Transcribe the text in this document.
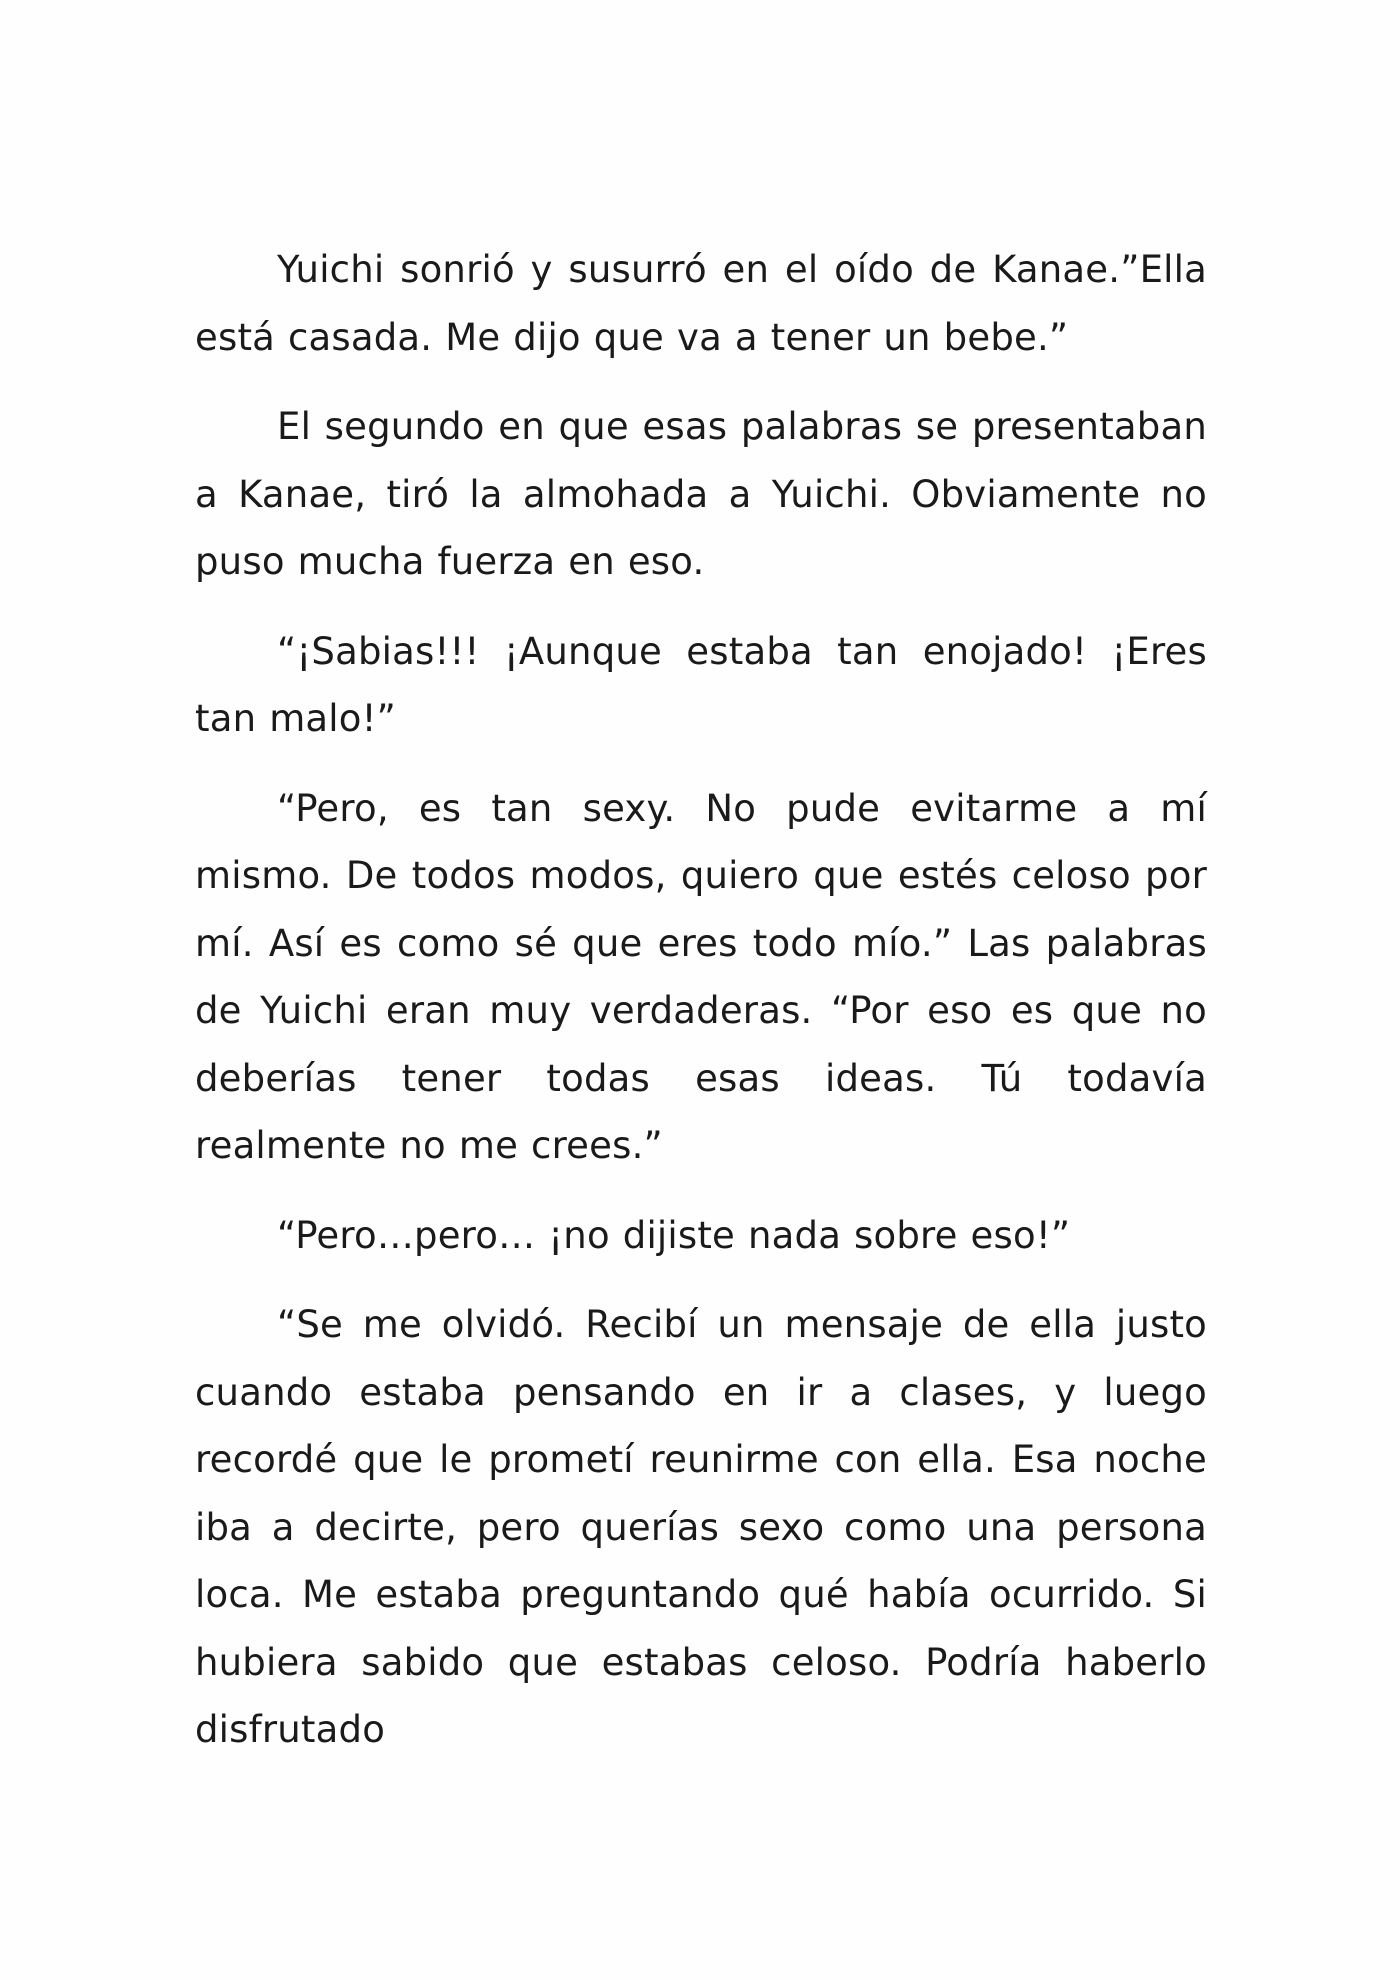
Yuichi sonrió y susurró en el oído de Kanae.”Ella está casada. Me dijo que va a tener un bebe.”

El segundo en que esas palabras se presentaban a Kanae, tiró la almohada a Yuichi. Obviamente no puso mucha fuerza en eso.

“¡Sabias!!! ¡Aunque estaba tan enojado! ¡Eres tan malo!”

“Pero, es tan sexy. No pude evitarme a mí mismo. De todos modos, quiero que estés celoso por mí. Así es como sé que eres todo mío.” Las palabras de Yuichi eran muy verdaderas. “Por eso es que no deberías tener todas esas ideas. Tú todavía realmente no me crees.”

“Pero…pero… ¡no dijiste nada sobre eso!”

“Se me olvidó. Recibí un mensaje de ella justo cuando estaba pensando en ir a clases, y luego recordé que le prometí reunirme con ella. Esa noche iba a decirte, pero querías sexo como una persona loca. Me estaba preguntando qué había ocurrido. Si hubiera sabido que estabas celoso. Podría haberlo disfrutado
